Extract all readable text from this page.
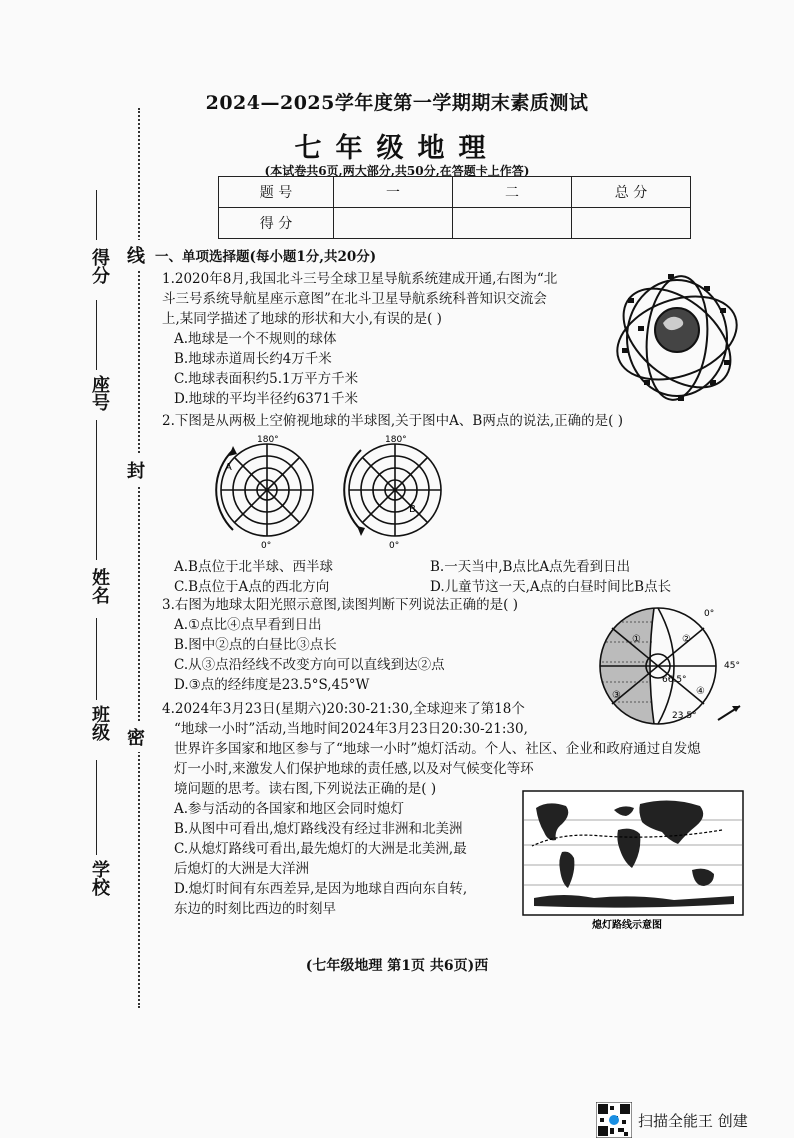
2024—2025学年度第一学期期末素质测试
七年级地理
(本试卷共6页,两大部分,共50分,在答题卡上作答)
题 号	一	二	总 分
得 分			
得分
座号
姓名
班级
学校
线
封
密
一、单项选择题(每小题1分,共20分)
1.2020年8月,我国北斗三号全球卫星导航系统建成开通,右图为“北
斗三号系统导航星座示意图”在北斗卫星导航系统科普知识交流会
上,某同学描述了地球的形状和大小,有误的是( )
A.地球是一个不规则的球体
B.地球赤道周长约4万千米
C.地球表面积约5.1万平方千米
D.地球的平均半径约6371千米
2.下图是从两极上空俯视地球的半球图,关于图中A、B两点的说法,正确的是( )
180°
0°
A
180°
0°
B
A.B点位于北半球、西半球	B.一天当中,B点比A点先看到日出
C.B点位于A点的西北方向	D.儿童节这一天,A点的白昼时间比B点长
3.右图为地球太阳光照示意图,读图判断下列说法正确的是( )
A.①点比④点早看到日出
B.图中②点的白昼比③点长
C.从③点沿经线不改变方向可以直线到达②点
D.③点的经纬度是23.5°S,45°W
0°
45°
66.5°
23.5°
①	②
③	④
4.2024年3月23日(星期六)20:30-21:30,全球迎来了第18个
“地球一小时”活动,当地时间2024年3月23日20:30-21:30,
世界许多国家和地区参与了“地球一小时”熄灯活动。个人、社区、企业和政府通过自发熄
灯一小时,来激发人们保护地球的责任感,以及对气候变化等环
境问题的思考。读右图,下列说法正确的是( )
A.参与活动的各国家和地区会同时熄灯
B.从图中可看出,熄灯路线没有经过非洲和北美洲
C.从熄灯路线可看出,最先熄灯的大洲是北美洲,最
后熄灯的大洲是大洋洲
D.熄灯时间有东西差异,是因为地球自西向东自转,
东边的时刻比西边的时刻早
熄灯路线示意图
(七年级地理 第1页 共6页)西
扫描全能王 创建
